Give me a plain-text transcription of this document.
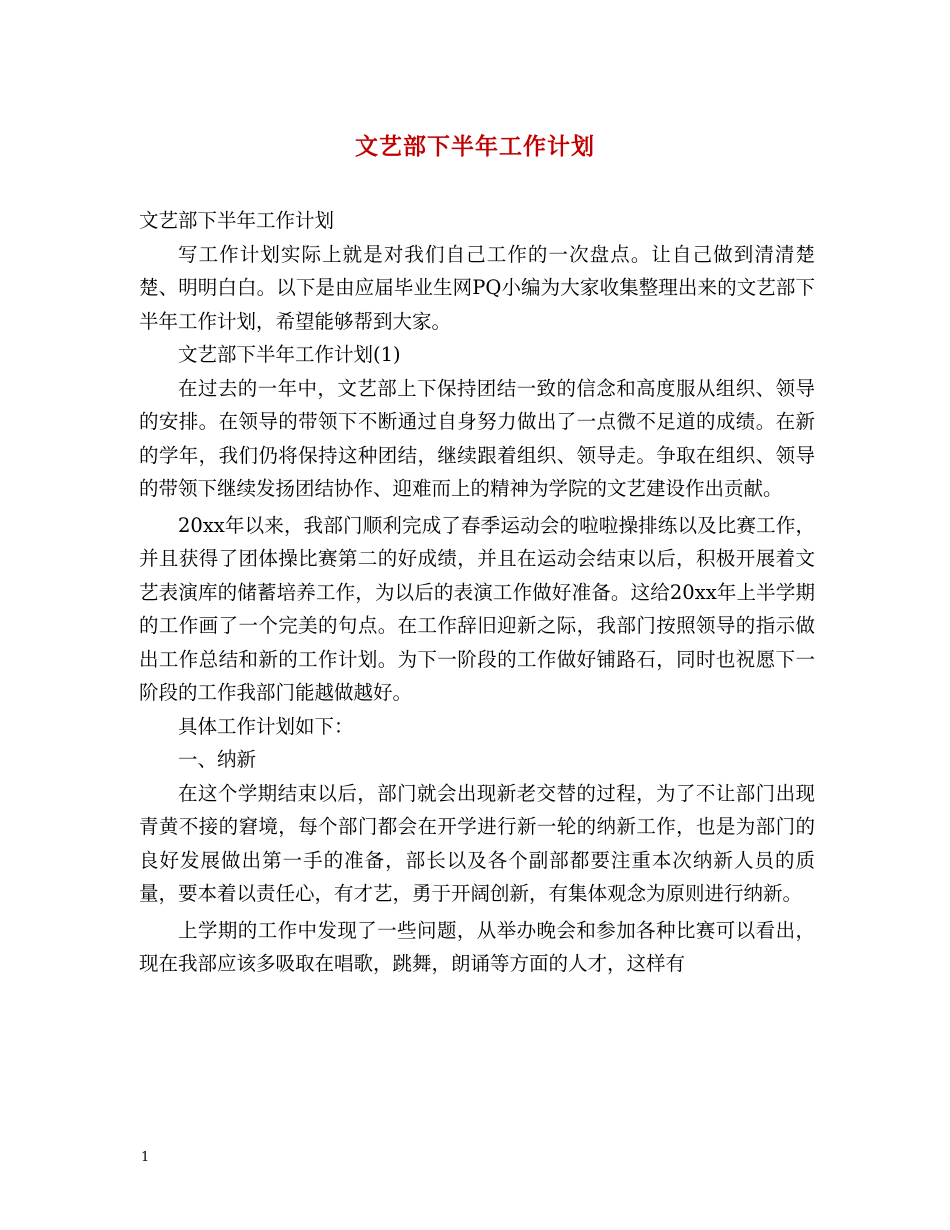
文艺部下半年工作计划

文艺部下半年工作计划

写工作计划实际上就是对我们自己工作的一次盘点。让自己做到清清楚楚、明明白白。以下是由应届毕业生网PQ小编为大家收集整理出来的文艺部下半年工作计划，希望能够帮到大家。

文艺部下半年工作计划(1)

在过去的一年中，文艺部上下保持团结一致的信念和高度服从组织、领导的安排。在领导的带领下不断通过自身努力做出了一点微不足道的成绩。在新的学年，我们仍将保持这种团结，继续跟着组织、领导走。争取在组织、领导的带领下继续发扬团结协作、迎难而上的精神为学院的文艺建设作出贡献。

20xx年以来，我部门顺利完成了春季运动会的啦啦操排练以及比赛工作，并且获得了团体操比赛第二的好成绩，并且在运动会结束以后，积极开展着文艺表演库的储蓄培养工作，为以后的表演工作做好准备。这给20xx年上半学期的工作画了一个完美的句点。在工作辞旧迎新之际，我部门按照领导的指示做出工作总结和新的工作计划。为下一阶段的工作做好铺路石，同时也祝愿下一阶段的工作我部门能越做越好。

具体工作计划如下：

一、纳新

在这个学期结束以后，部门就会出现新老交替的过程，为了不让部门出现青黄不接的窘境，每个部门都会在开学进行新一轮的纳新工作，也是为部门的良好发展做出第一手的准备，部长以及各个副部都要注重本次纳新人员的质量，要本着以责任心，有才艺，勇于开阔创新，有集体观念为原则进行纳新。

上学期的工作中发现了一些问题，从举办晚会和参加各种比赛可以看出，现在我部应该多吸取在唱歌，跳舞，朗诵等方面的人才，这样有

1
